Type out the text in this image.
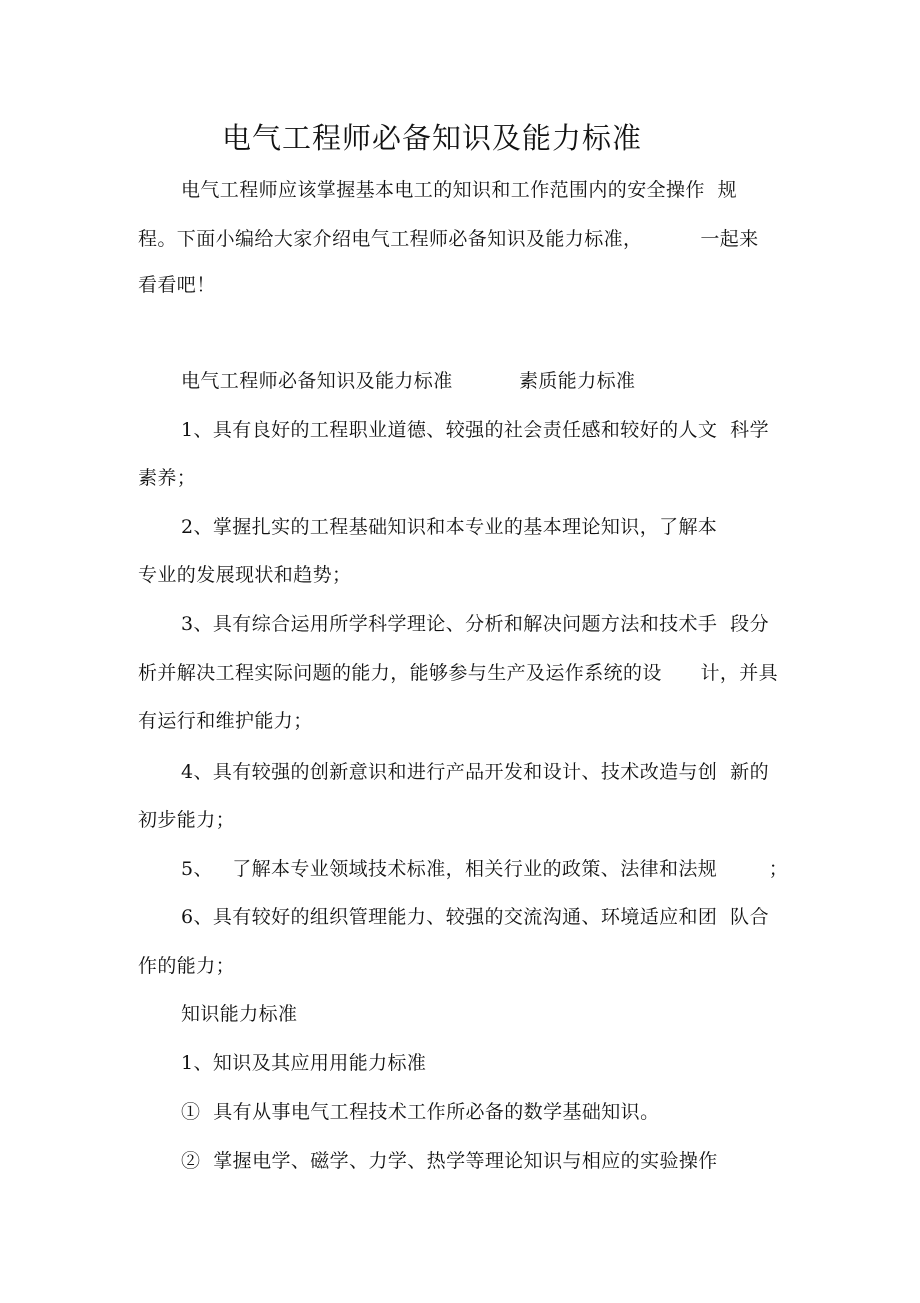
电气工程师必备知识及能力标准
电气工程师应该掌握基本电工的知识和工作范围内的安全操作  规
程。下面小编给大家介绍电气工程师必备知识及能力标准，         一起来
看看吧！
电气工程师必备知识及能力标准	素质能力标准
1、具有良好的工程职业道德、较强的社会责任感和较好的人文  科学
素养；
2、掌握扎实的工程基础知识和本专业的基本理论知识，了解本
专业的发展现状和趋势；
3、具有综合运用所学科学理论、分析和解决问题方法和技术手  段分
析并解决工程实际问题的能力，能够参与生产及运作系统的设      计，并具
有运行和维护能力；
4、具有较强的创新意识和进行产品开发和设计、技术改造与创  新的
初步能力；
5、   了解本专业领域技术标准，相关行业的政策、法律和法规        ；
6、具有较好的组织管理能力、较强的交流沟通、环境适应和团  队合
作的能力；
知识能力标准
1、知识及其应用用能力标准
①  具有从事电气工程技术工作所必备的数学基础知识。
②  掌握电学、磁学、力学、热学等理论知识与相应的实验操作
